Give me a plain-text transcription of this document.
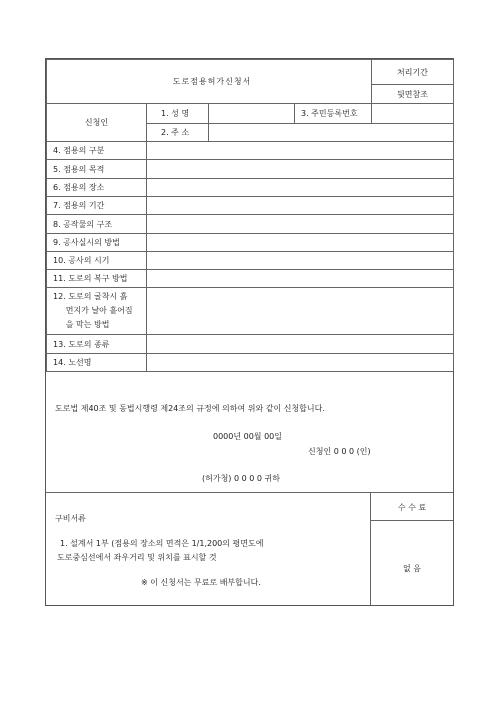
도로점용허가신청서				처리기간
				뒷면참조
신청인	1. 성 명		3. 주민등록번호	
	2. 주 소			
4. 점용의 구분	
5. 점용의 목적	
6. 점용의 장소	
7. 점용의 기간	
8. 공작물의 구조	
9. 공사실시의 방법	
10. 공사의 시기	
11. 도로의 복구 방법	

12. 도로의 굴착시 흙
먼지가 날아 흩어짐
을 막는 방법	

13. 도로의 종류	
14. 노선명	
도로법 제40조 및 동법시행령 제24조의 규정에 의하여 위와 같이 신청합니다.
0000년 00월 00일
신청인 0 0 0 (인)
(허가청) 0 0 0 0 귀하
구비서류
1. 설계서 1부 (점용의 장소의 면적은 1/1,200의 평면도에
도로중심선에서 좌우거리 및 위치를 표시할 것
※ 이 신청서는 무료로 배부합니다.
수 수 료
없 음
